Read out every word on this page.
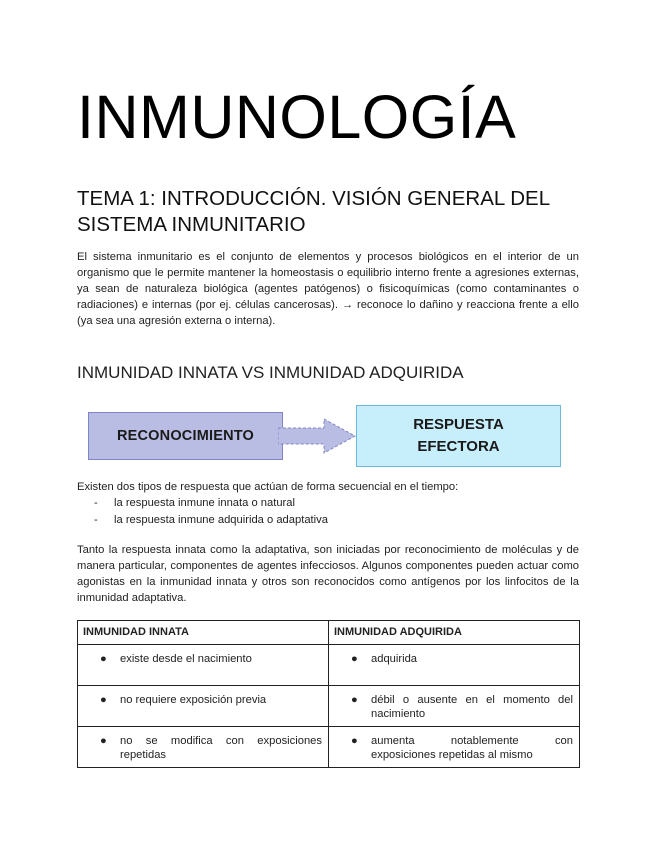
INMUNOLOGÍA
TEMA 1: INTRODUCCIÓN. VISIÓN GENERAL DEL SISTEMA INMUNITARIO

El sistema inmunitario es el conjunto de elementos y procesos biológicos en el interior de un organismo que le permite mantener la homeostasis o equilibrio interno frente a agresiones externas, ya sean de naturaleza biológica (agentes patógenos) o fisicoquímicas (como contaminantes o radiaciones) e internas (por ej. células cancerosas). → reconoce lo dañino y reacciona frente a ello (ya sea una agresión externa o interna).

INMUNIDAD INNATA VS INMUNIDAD ADQUIRIDA
RECONOCIMIENTO
RESPUESTA
EFECTORA

Existen dos tipos de respuesta que actúan de forma secuencial en el tiempo:

-	la respuesta inmune innata o natural
-	la respuesta inmune adquirida o adaptativa

Tanto la respuesta innata como la adaptativa, son iniciadas por reconocimiento de moléculas y de manera particular, componentes de agentes infecciosos. Algunos componentes pueden actuar como agonistas en la inmunidad innata y otros son reconocidos como antígenos por los linfocitos de la inmunidad adaptativa.

INMUNIDAD INNATA	INMUNIDAD ADQUIRIDA

● existe desde el nacimiento	● adquirida

● no requiere exposición previa	● débil o ausente en el momento del nacimiento

● no se modifica con exposiciones repetidas	● aumenta notablemente con exposiciones repetidas al mismo
